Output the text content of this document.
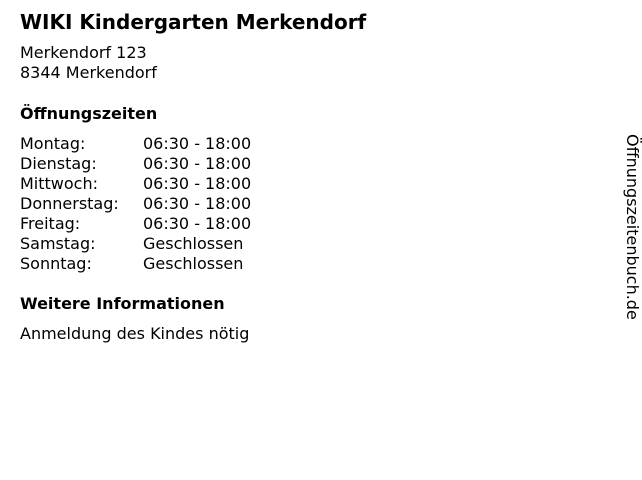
WIKI Kindergarten Merkendorf
Merkendorf 123
8344 Merkendorf
Öffnungszeiten
Montag:	06:30 - 18:00
Dienstag:	06:30 - 18:00
Mittwoch:	06:30 - 18:00
Donnerstag: 06:30 - 18:00
Freitag:	06:30 - 18:00
Samstag:	Geschlossen
Sonntag:	Geschlossen
Weitere Informationen
Anmeldung des Kindes nötig
Öffnungszeitenbuch.de
